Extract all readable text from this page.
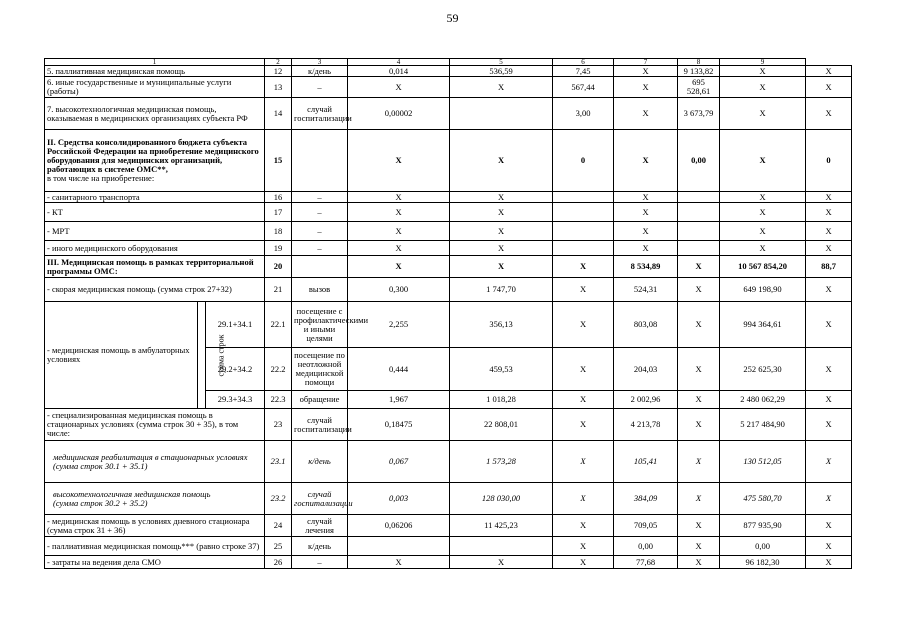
59
1			2	3	4	5	6	7	8	9	
5. паллиативная медицинская помощь			12	к/день	0,014	536,59	7,45	Х	9 133,82	Х	Х
6. иные государственные и муниципальные услуги (работы)			13	–	Х	Х	567,44	Х	695 528,61	Х	Х
7. высокотехнологичная медицинская помощь, оказываемая в медицинских организациях субъекта РФ			14	случай госпитализации	0,00002		3,00	Х	3 673,79	Х	Х
II. Средства консолидированного бюджета субъекта Российской Федерации на приобретение медицинского оборудования для медицинских организаций, работающих в системе ОМС**,
в том числе на приобретение:			15		Х	Х	0	Х	0,00	Х	0
- санитарного транспорта			16	–	Х	Х		Х		Х	Х
- КТ			17	–	Х	Х		Х		Х	Х
- МРТ			18	–	Х	Х		Х		Х	Х
- иного медицинского оборудования			19	–	Х	Х		Х		Х	Х
III. Медицинская помощь в рамках территориальной программы ОМС:			20		Х	Х	Х	8 534,89	Х	10 567 854,20	88,7
- скорая медицинская помощь (сумма строк 27+32)			21	вызов	0,300	1 747,70	Х	524,31	Х	649 198,90	Х
- медицинская помощь в амбулаторных условиях	сумма строк	29.1+34.1	22.1	посещение с профилактическими и иными целями	2,255	356,13	Х	803,08	Х	994 364,61	Х
		29.2+34.2	22.2	посещение по неотложной медицинской помощи	0,444	459,53	Х	204,03	Х	252 625,30	Х
		29.3+34.3	22.3	обращение	1,967	1 018,28	Х	2 002,96	Х	2 480 062,29	Х
- специализированная медицинская помощь в стационарных условиях (сумма строк 30 + 35), в том числе:			23	случай госпитализации	0,18475	22 808,01	Х	4 213,78	Х	5 217 484,90	Х
медицинская реабилитация в стационарных условиях
(сумма строк 30.1 + 35.1)			23.1	к/день	0,067	1 573,28	Х	105,41	Х	130 512,05	Х
высокотехнологичная медицинская помощь
(сумма строк 30.2 + 35.2)			23.2	случай госпитализации	0,003	128 030,00	Х	384,09	Х	475 580,70	Х
- медицинская помощь в условиях дневного стационара (сумма строк 31 + 36)			24	случай лечения	0,06206	11 425,23	Х	709,05	Х	877 935,90	Х
- паллиативная медицинская помощь*** (равно строке 37)			25	к/день			Х	0,00	Х	0,00	Х
- затраты на ведения дела СМО			26	–	Х	Х	Х	77,68	Х	96 182,30	Х
